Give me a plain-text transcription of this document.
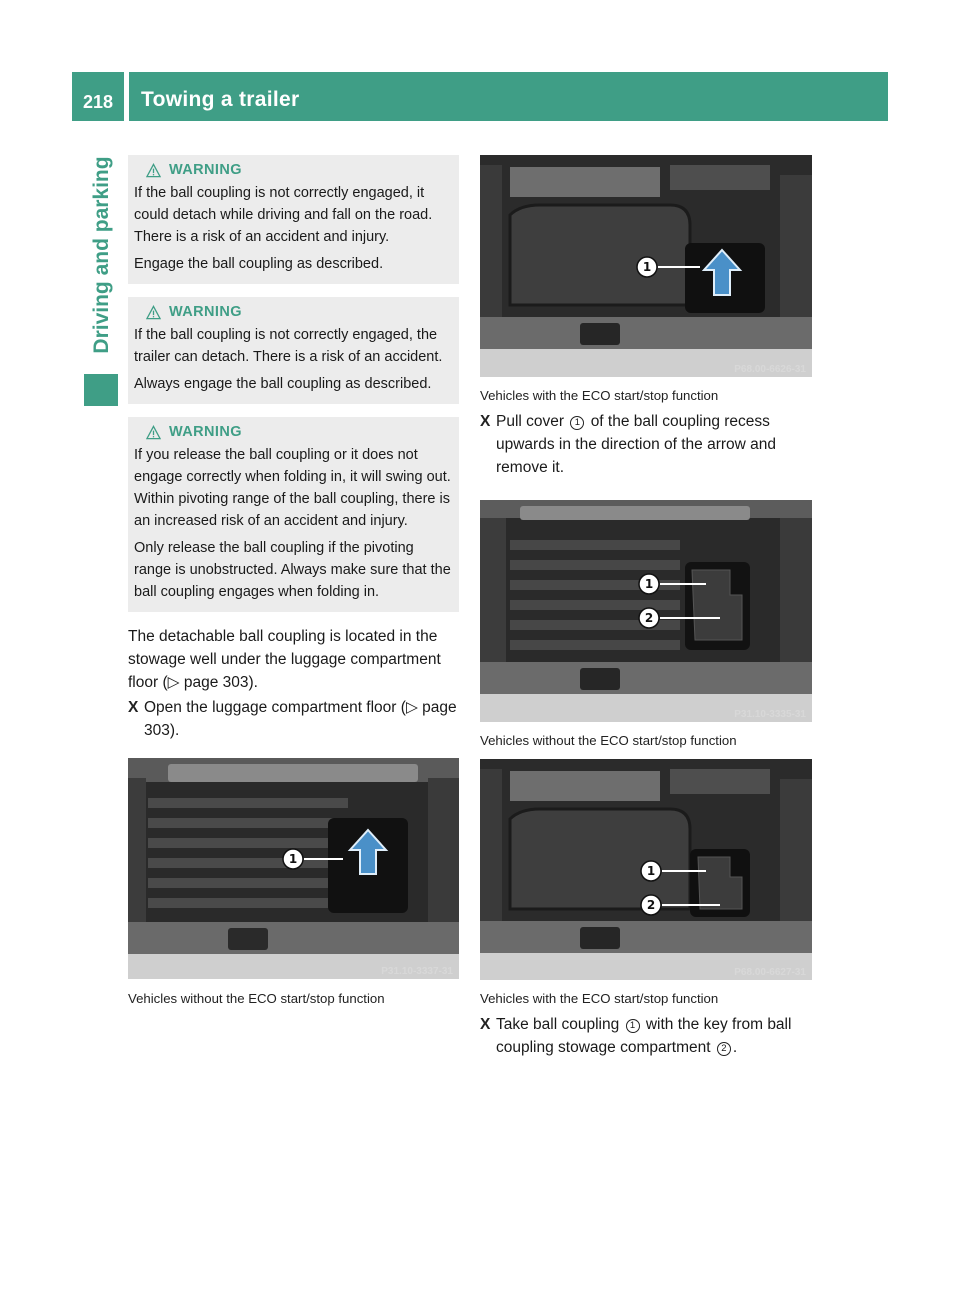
218	Towing a trailer
Driving and parking	WARNING

If the ball coupling is not correctly engaged, it could detach while driving and fall on the road. There is a risk of an accident and injury.

Engage the ball coupling as described.

WARNING

If the ball coupling is not correctly engaged, the trailer can detach. There is a risk of an accident.

Always engage the ball coupling as described.

WARNING

If you release the ball coupling or it does not engage correctly when folding in, it will swing out. Within pivoting range of the ball coupling, there is an increased risk of an accident and injury.

Only release the ball coupling if the pivoting range is unobstructed. Always make sure that the ball coupling engages when folding in.

The detachable ball coupling is located in the stowage well under the luggage compartment floor (▷ page 303).

X Open the luggage compartment floor (▷ page 303).
1
P31.10-3337-31

Vehicles without the ECO start/stop function

1
P68.00-6626-31

Vehicles with the ECO start/stop function

X Pull cover 1 of the ball coupling recess upwards in the direction of the arrow and remove it.
1
2
P31.10-3335-31

Vehicles without the ECO start/stop function

1
2
P68.00-6627-31

Vehicles with the ECO start/stop function

X Take ball coupling 1 with the key from ball coupling stowage compartment 2 .
